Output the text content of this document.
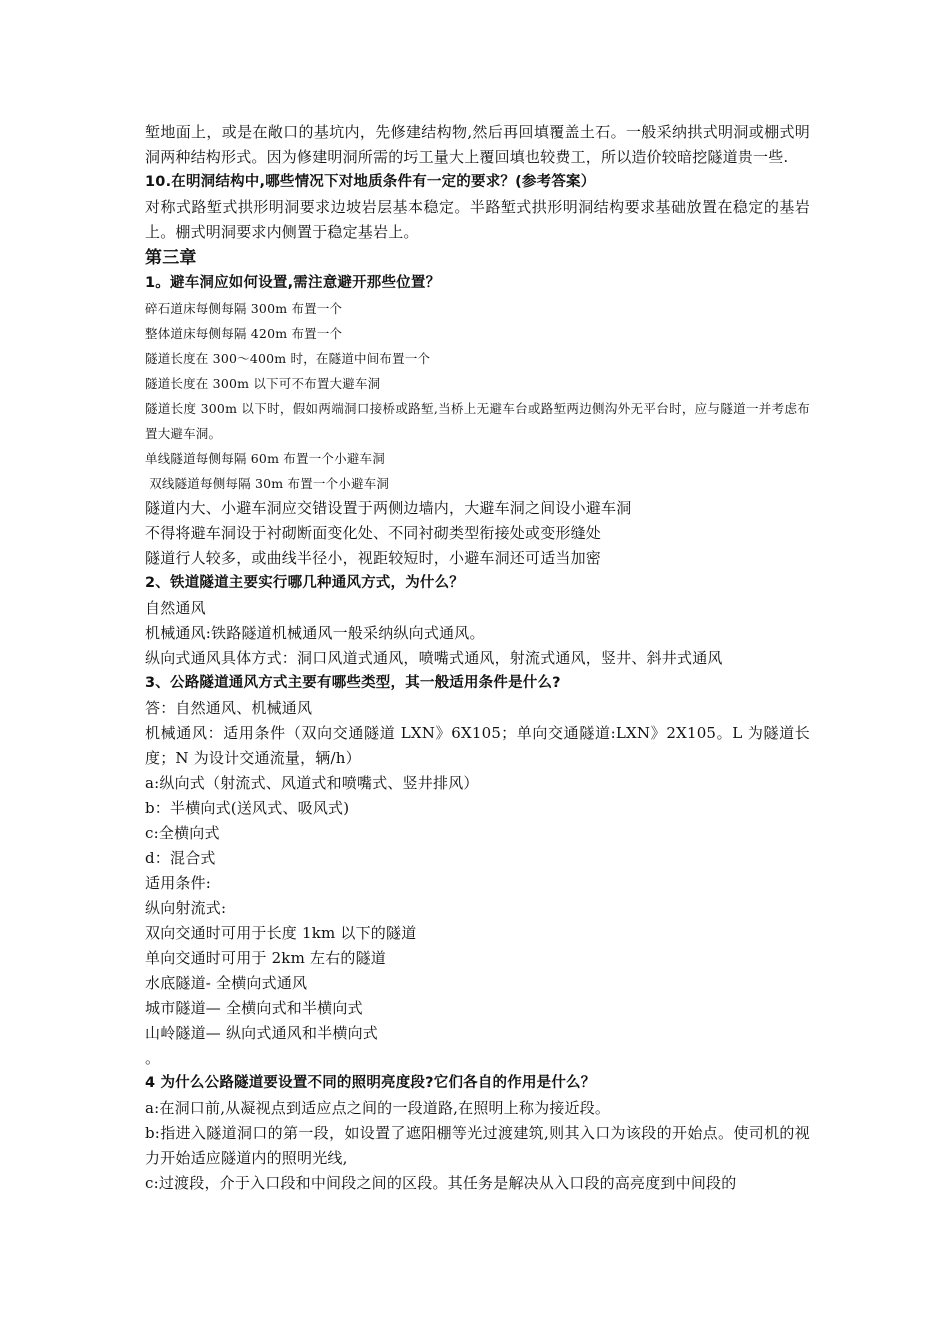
堑地面上，或是在敞口的基坑内，先修建结构物,然后再回填覆盖土石。一般采纳拱式明洞或棚式明洞两种结构形式。因为修建明洞所需的圬工量大上覆回填也较费工，所以造价较暗挖隧道贵一些.

10.在明洞结构中,哪些情况下对地质条件有一定的要求？(参考答案）

对称式路堑式拱形明洞要求边坡岩层基本稳定。半路堑式拱形明洞结构要求基础放置在稳定的基岩上。棚式明洞要求内侧置于稳定基岩上。

第三章

1。避车洞应如何设置,需注意避开那些位置？

碎石道床每侧每隔 300m 布置一个

整体道床每侧每隔 420m 布置一个

隧道长度在 300～400m 时，在隧道中间布置一个

隧道长度在 300m 以下可不布置大避车洞

隧道长度 300m 以下时，假如两端洞口接桥或路堑,当桥上无避车台或路堑两边侧沟外无平台时，应与隧道一并考虑布置大避车洞。

单线隧道每侧每隔 60m 布置一个小避车洞

双线隧道每侧每隔 30m 布置一个小避车洞

隧道内大、小避车洞应交错设置于两侧边墙内，大避车洞之间设小避车洞

不得将避车洞设于衬砌断面变化处、不同衬砌类型衔接处或变形缝处

隧道行人较多，或曲线半径小，视距较短时，小避车洞还可适当加密

2、铁道隧道主要实行哪几种通风方式，为什么？

自然通风

机械通风:铁路隧道机械通风一般采纳纵向式通风。

纵向式通风具体方式：洞口风道式通风，喷嘴式通风，射流式通风，竖井、斜井式通风

3、公路隧道通风方式主要有哪些类型，其一般适用条件是什么?

答：自然通风、机械通风

机械通风：适用条件（双向交通隧道 LXN》6X105；单向交通隧道:LXN》2X105。L 为隧道长度；N 为设计交通流量，辆/h）

a:纵向式（射流式、风道式和喷嘴式、竖井排风）

b：半横向式(送风式、吸风式)

c:全横向式

d：混合式

适用条件:

纵向射流式:

双向交通时可用于长度 1km 以下的隧道

单向交通时可用于 2km 左右的隧道

水底隧道- 全横向式通风

城市隧道— 全横向式和半横向式

山岭隧道— 纵向式通风和半横向式

。

4 为什么公路隧道要设置不同的照明亮度段?它们各自的作用是什么？

a:在洞口前,从凝视点到适应点之间的一段道路,在照明上称为接近段。

b:指进入隧道洞口的第一段，如设置了遮阳棚等光过渡建筑,则其入口为该段的开始点。使司机的视力开始适应隧道内的照明光线,

c:过渡段，介于入口段和中间段之间的区段。其任务是解决从入口段的高亮度到中间段的
